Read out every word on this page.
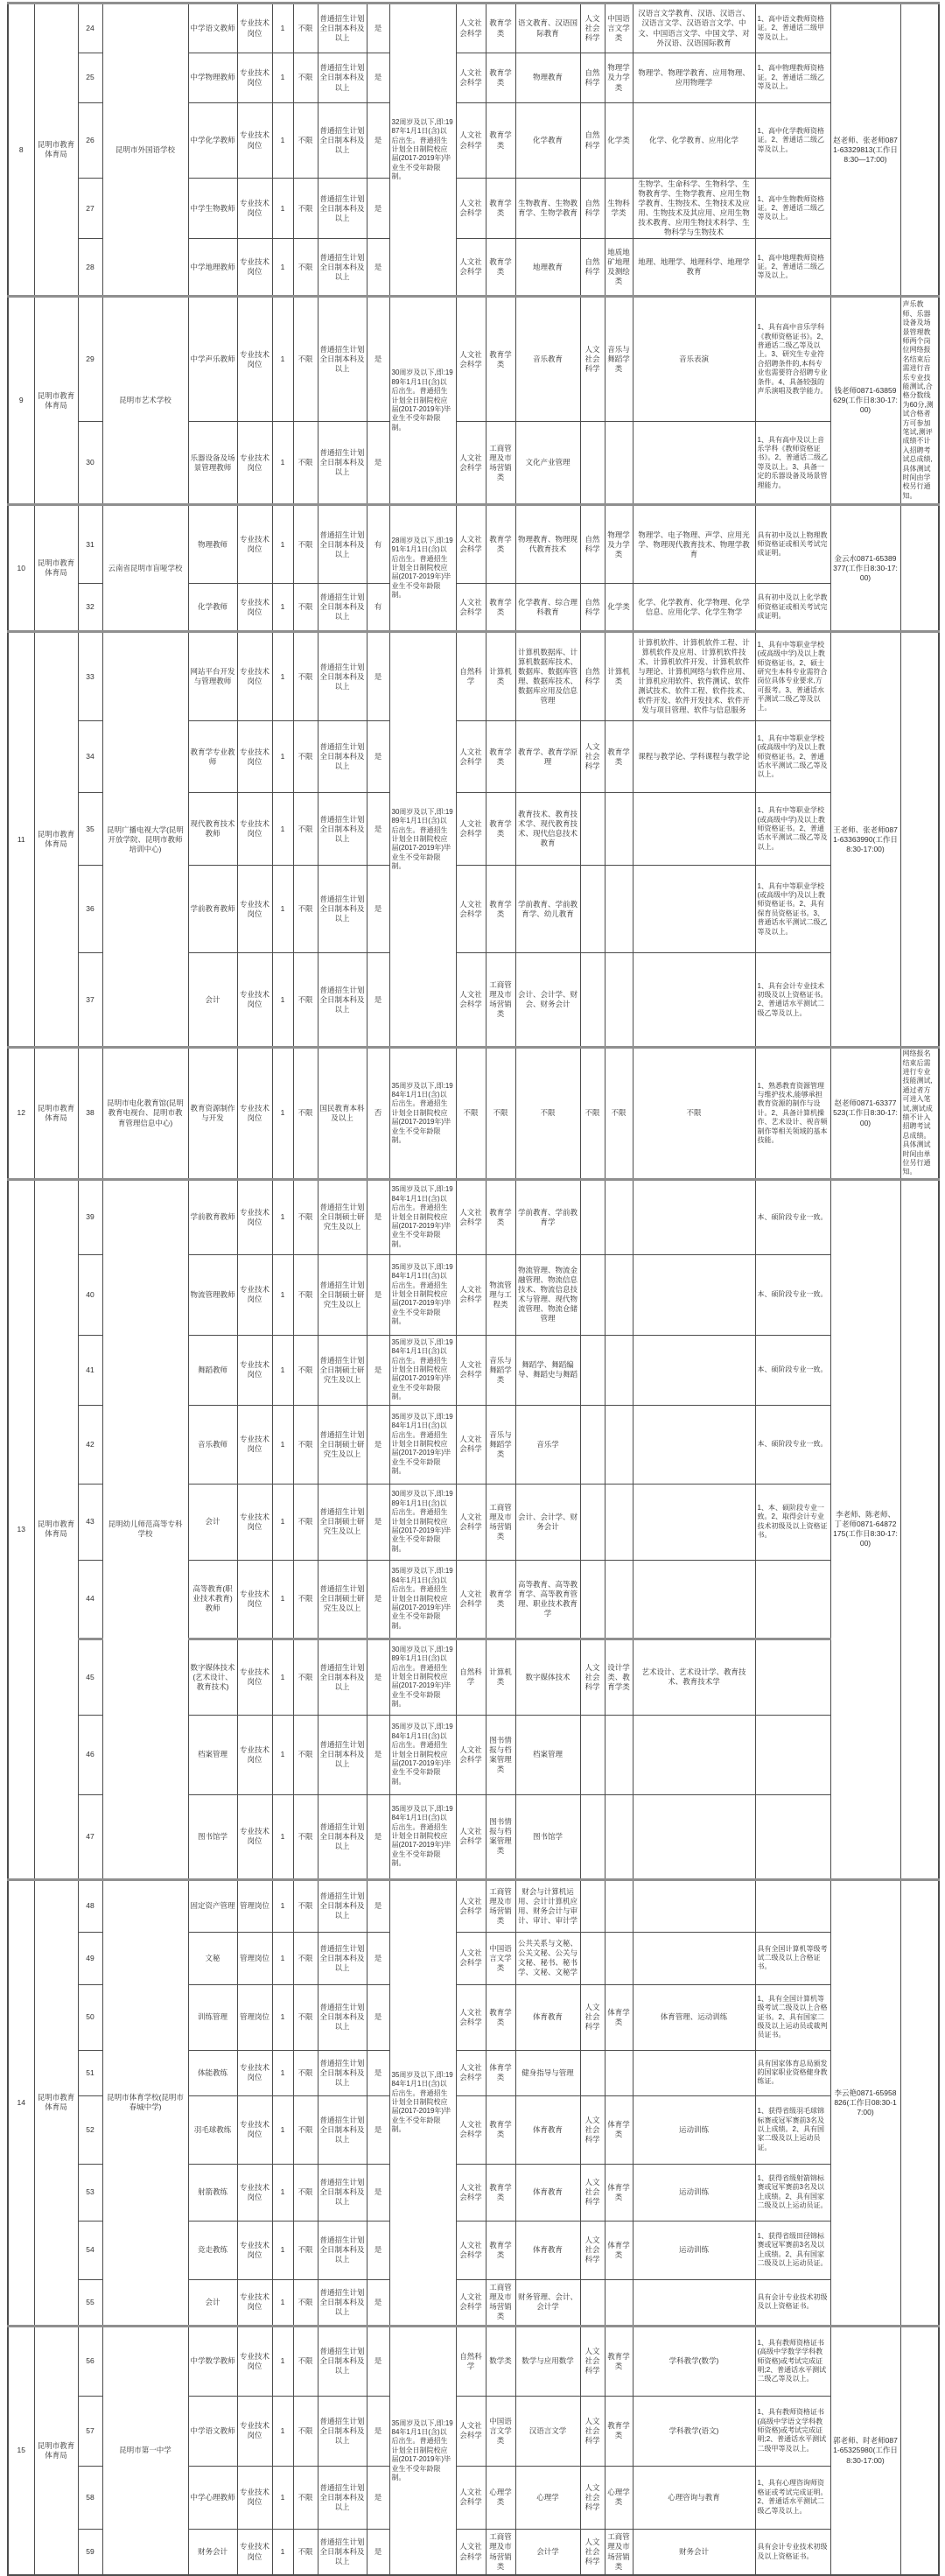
8	昆明市教育体育局	24	昆明市外国语学校	中学语文教师	专业技术岗位	1	不限	普通招生计划全日制本科及以上	是	32周岁及以下,即:1987年1月1日(含)以后出生。普通招生计划全日制院校应届(2017-2019年)毕业生不受年龄限制。	人文社会科学	教育学类	语文教育、汉语国际教育	人文社会科学	中国语言文学类	汉语言文学教育、汉语、汉语言、汉语言文学、汉语语言文学、中文、中国语言文学、中国文学、对外汉语、汉语国际教育	1、高中语文教师资格证。2、普通话二级甲等及以上。	赵老师、张老师0871-63329813(工作日8:30—17:00)	
		25		中学物理教师	专业技术岗位	1	不限	普通招生计划全日制本科及以上	是		人文社会科学	教育学类	物理教育	自然科学	物理学及力学类	物理学、物理学教育、应用物理、应用物理学	1、高中物理教师资格证。2、普通话二级乙等及以上。		
		26		中学化学教师	专业技术岗位	1	不限	普通招生计划全日制本科及以上	是		人文社会科学	教育学类	化学教育	自然科学	化学类	化学、化学教育、应用化学	1、高中化学教师资格证。2、普通话二级乙等及以上。		
		27		中学生物教师	专业技术岗位	1	不限	普通招生计划全日制本科及以上	是		人文社会科学	教育学类	生物教育、生物教育学、生物学教育	自然科学	生物科学类	生物学、生命科学、生物科学、生物教育学、生物学教育、应用生物学教育、生物技术、生物技术及应用、生物技术及其应用、应用生物技术教育、应用生物技术科学、生物科学与生物技术	1、高中生物教师资格证。2、普通话二级乙等及以上。		
		28		中学地理教师	专业技术岗位	1	不限	普通招生计划全日制本科及以上	是		人文社会科学	教育学类	地理教育	自然科学	地质地矿地理及测绘类	地理、地理学、地理科学、地理学教育	1、高中地理教师资格证。2、普通话二级乙等及以上。		
9	昆明市教育体育局	29	昆明市艺术学校	中学声乐教师	专业技术岗位	1	不限	普通招生计划全日制本科及以上	是	30周岁及以下,即:1989年1月1日(含)以后出生。普通招生计划全日制院校应届(2017-2019年)毕业生不受年龄限制。	人文社会科学	教育学类	音乐教育	人文社会科学	音乐与舞蹈学类	音乐表演	1、具有高中音乐学科《教师资格证书》。2、普通话二级乙等及以上。3、研究生专业符合招聘条件的,本科专业也需要符合招聘专业条件。4、具备较强的声乐演唱及教学能力。	钱老师0871-63859629(工作日8:30-17:00)	声乐教师、乐器设备及场景管理教师两个岗位网络报名结束后需进行音乐专业技能测试,合格分数线为60分,测试合格者方可参加笔试,测评成绩不计入招聘考试总成绩,具体测试时间由学校另行通知。
		30		乐器设备及场景管理教师	专业技术岗位	1	不限	普通招生计划全日制本科及以上	是		人文社会科学	工商管理及市场营销类	文化产业管理				1、具有高中及以上音乐学科《教师资格证书》。2、普通话二级乙等及以上。3、具备一定的乐器设备及场景管理能力。		
10	昆明市教育体育局	31	云南省昆明市盲哑学校	物理教师	专业技术岗位	1	不限	普通招生计划全日制本科及以上	有	28周岁及以下,即:1991年1月1日(含)以后出生。普通招生计划全日制院校应届(2017-2019年)毕业生不受年龄限制。	人文社会科学	教育学类	物理教育、物理现代教育技术	自然科学	物理学及力学类	物理学、电子物理、声学、应用光学、物理现代教育技术、物理学教育	具有初中及以上物理教师资格证或相关考试完成证明。	金云水0871-65389377(工作日8:30-17:00)	
		32		化学教师	专业技术岗位	1	不限	普通招生计划全日制本科及以上	有		人文社会科学	教育学类	化学教育、综合理科教育	自然科学	化学类	化学、化学教育、化学物理、化学信息、应用化学、化学生物学	具有初中及以上化学教师资格证或相关考试完成证明。		
11	昆明市教育体育局	33	昆明广播电视大学(昆明开放学院、昆明市教师培训中心)	网站平台开发与管理教师	专业技术岗位	1	不限	普通招生计划全日制本科及以上	是	30周岁及以下,即:1989年1月1日(含)以后出生。普通招生计划全日制院校应届(2017-2019年)毕业生不受年龄限制。	自然科学	计算机类	计算机数据库、计算机数据库技术、数据库、数据库管理、数据库技术、数据库应用及信息管理	自然科学	计算机类	计算机软件、计算机软件工程、计算机软件及应用、计算机软件技术、计算机软件开发、计算机软件与理论、计算机网络与软件应用、计算机应用软件、软件测试、软件测试技术、软件工程、软件技术、软件开发、软件开发技术、软件开发与项目管理、软件与信息服务	1、具有中等职业学校(或高级中学)及以上教师资格证书。2、硕士研究生本科专业需符合岗位具体专业要求,方可报考。3、普通话水平测试二级乙等及以上。	王老师、张老师0871-63363990(工作日8:30-17:00)	
		34		教育学专业教师	专业技术岗位	1	不限	普通招生计划全日制本科及以上	是		人文社会科学	教育学类	教育学、教育学原理	人文社会科学	教育学类	课程与教学论、学科课程与教学论	1、具有中等职业学校(或高级中学)及以上教师资格证书。2、普通话水平测试二级乙等及以上。		
		35		现代教育技术教师	专业技术岗位	1	不限	普通招生计划全日制本科及以上	是		人文社会科学	教育学类	教育技术、教育技术学、现代教育技术、现代信息技术教育				1、具有中等职业学校(或高级中学)及以上教师资格证书。2、普通话水平测试二级乙等及以上。		
		36		学前教育教师	专业技术岗位	1	不限	普通招生计划全日制本科及以上	是		人文社会科学	教育学类	学前教育、学前教育学、幼儿教育				1、具有中等职业学校(或高级中学)及以上教师资格证书。2、具有保育员资格证书。3、普通话水平测试二级乙等及以上。		
		37		会计	专业技术岗位	1	不限	普通招生计划全日制本科及以上	是		人文社会科学	工商管理及市场营销类	会计、会计学、财会、财务会计				1、具有会计专业技术初级及以上资格证书。2、普通话水平测试二级乙等及以上。		
12	昆明市教育体育局	38	昆明市电化教育馆(昆明教育电视台、昆明市教育管理信息中心)	教育资源制作与开发	专业技术岗位	1	不限	国民教育本科及以上	否	35周岁及以下,即:1984年1月1日(含)以后出生。普通招生计划全日制院校应届(2017-2019年)毕业生不受年龄限制。	不限	不限	不限	不限	不限	不限	1、熟悉教育资源管理与维护技术,能够承担教育资源的制作与设计。2、具备计算机操作、艺术设计、视音频制作等相关领域的基本技能。	赵老师0871-63377523(工作日8:30-17:00)	网络报名结束后需进行专业技能测试,通过者方可进入笔试,测试成绩不计入招聘考试总成绩。具体测试时间由单位另行通知。
13	昆明市教育体育局	39	昆明幼儿师范高等专科学校	学前教育教师	专业技术岗位	1	不限	普通招生计划全日制硕士研究生及以上	是	35周岁及以下,即:1984年1月1日(含)以后出生。普通招生计划全日制院校应届(2017-2019年)毕业生不受年龄限制。	人文社会科学	教育学类	学前教育、学前教育学				本、硕阶段专业一致。	李老师、陈老师、丁老师0871-64872175(工作日8:30-17:00)	
		40		物流管理教师	专业技术岗位	1	不限	普通招生计划全日制硕士研究生及以上	是	35周岁及以下,即:1984年1月1日(含)以后出生。普通招生计划全日制院校应届(2017-2019年)毕业生不受年龄限制。	人文社会科学	物流管理与工程类	物流管理、物流金融管理、物流信息技术、物流信息技术与管理、现代物流管理、物流仓储管理				本、硕阶段专业一致。		
		41		舞蹈教师	专业技术岗位	1	不限	普通招生计划全日制硕士研究生及以上	是	35周岁及以下,即:1984年1月1日(含)以后出生。普通招生计划全日制院校应届(2017-2019年)毕业生不受年龄限制。	人文社会科学	音乐与舞蹈学类	舞蹈学、舞蹈编导、舞蹈史与舞蹈				本、硕阶段专业一致。		
		42		音乐教师	专业技术岗位	1	不限	普通招生计划全日制硕士研究生及以上	是	35周岁及以下,即:1984年1月1日(含)以后出生。普通招生计划全日制院校应届(2017-2019年)毕业生不受年龄限制。	人文社会科学	音乐与舞蹈学类	音乐学				本、硕阶段专业一致。		
		43		会计	专业技术岗位	1	不限	普通招生计划全日制硕士研究生及以上	是	30周岁及以下,即:1989年1月1日(含)以后出生。普通招生计划全日制院校应届(2017-2019年)毕业生不受年龄限制。	人文社会科学	工商管理及市场营销类	会计、会计学、财务会计				1、本、硕阶段专业一致。2、取得会计专业技术初级及以上资格证书。		
		44		高等教育(职业技术教育)教师	专业技术岗位	1	不限	普通招生计划全日制硕士研究生及以上	是	35周岁及以下,即:1984年1月1日(含)以后出生。普通招生计划全日制院校应届(2017-2019年)毕业生不受年龄限制。	人文社会科学	教育学类	高等教育、高等教育学、高等教育管理、职业技术教育学						
		45		数字媒体技术(艺术设计、教育技术)	专业技术岗位	1	不限	普通招生计划全日制本科及以上	是	30周岁及以下,即:1989年1月1日(含)以后出生。普通招生计划全日制院校应届(2017-2019年)毕业生不受年龄限制。	自然科学	计算机类	数字媒体技术	人文社会科学	设计学类、教育学类	艺术设计、艺术设计学、教育技术、教育技术学			
		46		档案管理	专业技术岗位	1	不限	普通招生计划全日制本科及以上	是	35周岁及以下,即:1984年1月1日(含)以后出生。普通招生计划全日制院校应届(2017-2019年)毕业生不受年龄限制。	人文社会科学	图书情报与档案管理类	档案管理						
		47		图书馆学	专业技术岗位	1	不限	普通招生计划全日制本科及以上	是	35周岁及以下,即:1984年1月1日(含)以后出生。普通招生计划全日制院校应届(2017-2019年)毕业生不受年龄限制。	人文社会科学	图书情报与档案管理类	图书馆学						
14	昆明市教育体育局	48	昆明市体育学校(昆明市春城中学)	固定资产管理	管理岗位	1	不限	普通招生计划全日制本科及以上	是	35周岁及以下,即:1984年1月1日(含)以后出生。普通招生计划全日制院校应届(2017-2019年)毕业生不受年龄限制。	人文社会科学	工商管理及市场营销类	财会与计算机运用、会计计算机应用、财务会计与审计、审计、审计学					李云艳0871-65958826(工作日08:30-17:00)	
		49		文秘	管理岗位	1	不限	普通招生计划全日制本科及以上	是		人文社会科学	中国语言文学类	公共关系与文秘、公关文秘、公关与文秘、秘书、秘书学、文秘、文秘学				具有全国计算机等级考试二级及以上合格证书。		
		50		训练管理	管理岗位	1	不限	普通招生计划全日制本科及以上	是		人文社会科学	教育学类	体育教育	人文社会科学	体育学类	体育管理、运动训练	1、具有全国计算机等级考试二级及以上合格证书。2、具有国家二级及以上运动员或裁判员证书。		
		51		体能教练	专业技术岗位	1	不限	普通招生计划全日制本科及以上	是		人文社会科学	体育学类	健身指导与管理				具有国家体育总局颁发的国家职业资格健身教练证。		
		52		羽毛球教练	专业技术岗位	1	不限	普通招生计划全日制本科及以上	是		人文社会科学	教育学类	体育教育	人文社会科学	体育学类	运动训练	1、获得省级羽毛球锦标赛或冠军赛前3名及以上成绩。2、具有国家二级及以上运动员证。		
		53		射箭教练	专业技术岗位	1	不限	普通招生计划全日制本科及以上	是		人文社会科学	教育学类	体育教育	人文社会科学	体育学类	运动训练	1、获得省级射箭锦标赛或冠军赛前3名及以上成绩。2、具有国家二级及以上运动员证。		
		54		竞走教练	专业技术岗位	1	不限	普通招生计划全日制本科及以上	是		人文社会科学	教育学类	体育教育	人文社会科学	体育学类	运动训练	1、获得省级田径锦标赛或冠军赛前3名及以上成绩。2、具有国家二级及以上运动员证。		
		55		会计	专业技术岗位	1	不限	普通招生计划全日制本科及以上	是		人文社会科学	工商管理及市场营销类	财务管理、会计、会计学				具有会计专业技术初级及以上资格证书。		
15	昆明市教育体育局	56	昆明市第一中学	中学数学教师	专业技术岗位	1	不限	普通招生计划全日制本科及以上	是	35周岁及以下,即:1984年1月1日(含)以后出生。普通招生计划全日制院校应届(2017-2019年)毕业生不受年龄限制。	自然科学	数学类	数学与应用数学	人文社会科学	教育学类	学科教学(数学)	1、具有教师资格证书(高级中学数学学科教师资格)或考试完成证明;2、普通话水平测试二级乙等及以上。	郭老师、时老师0871-65325980(工作日8:30-17:00)	
		57		中学语文教师	专业技术岗位	1	不限	普通招生计划全日制本科及以上	是		人文社会科学	中国语言文学类	汉语言文学	人文社会科学	教育学类	学科教学(语文)	1、具有教师资格证书(高级中学语文学科教师资格)或考试完成证明;2、普通话水平测试二级甲等及以上。		
		58		中学心理教师	专业技术岗位	1	不限	普通招生计划全日制本科及以上	是		人文社会科学	心理学类	心理学	人文社会科学	心理学类	心理咨询与教育	1、具有心理咨询师资格证或考试完成证明。2、普通话水平测试二级乙等及以上。		
		59		财务会计	专业技术岗位	1	不限	普通招生计划全日制本科及以上	是		人文社会科学	工商管理及市场营销类	会计学	人文社会科学	工商管理及市场营销类	财务会计	具有会计专业技术初级及以上资格证书。		
